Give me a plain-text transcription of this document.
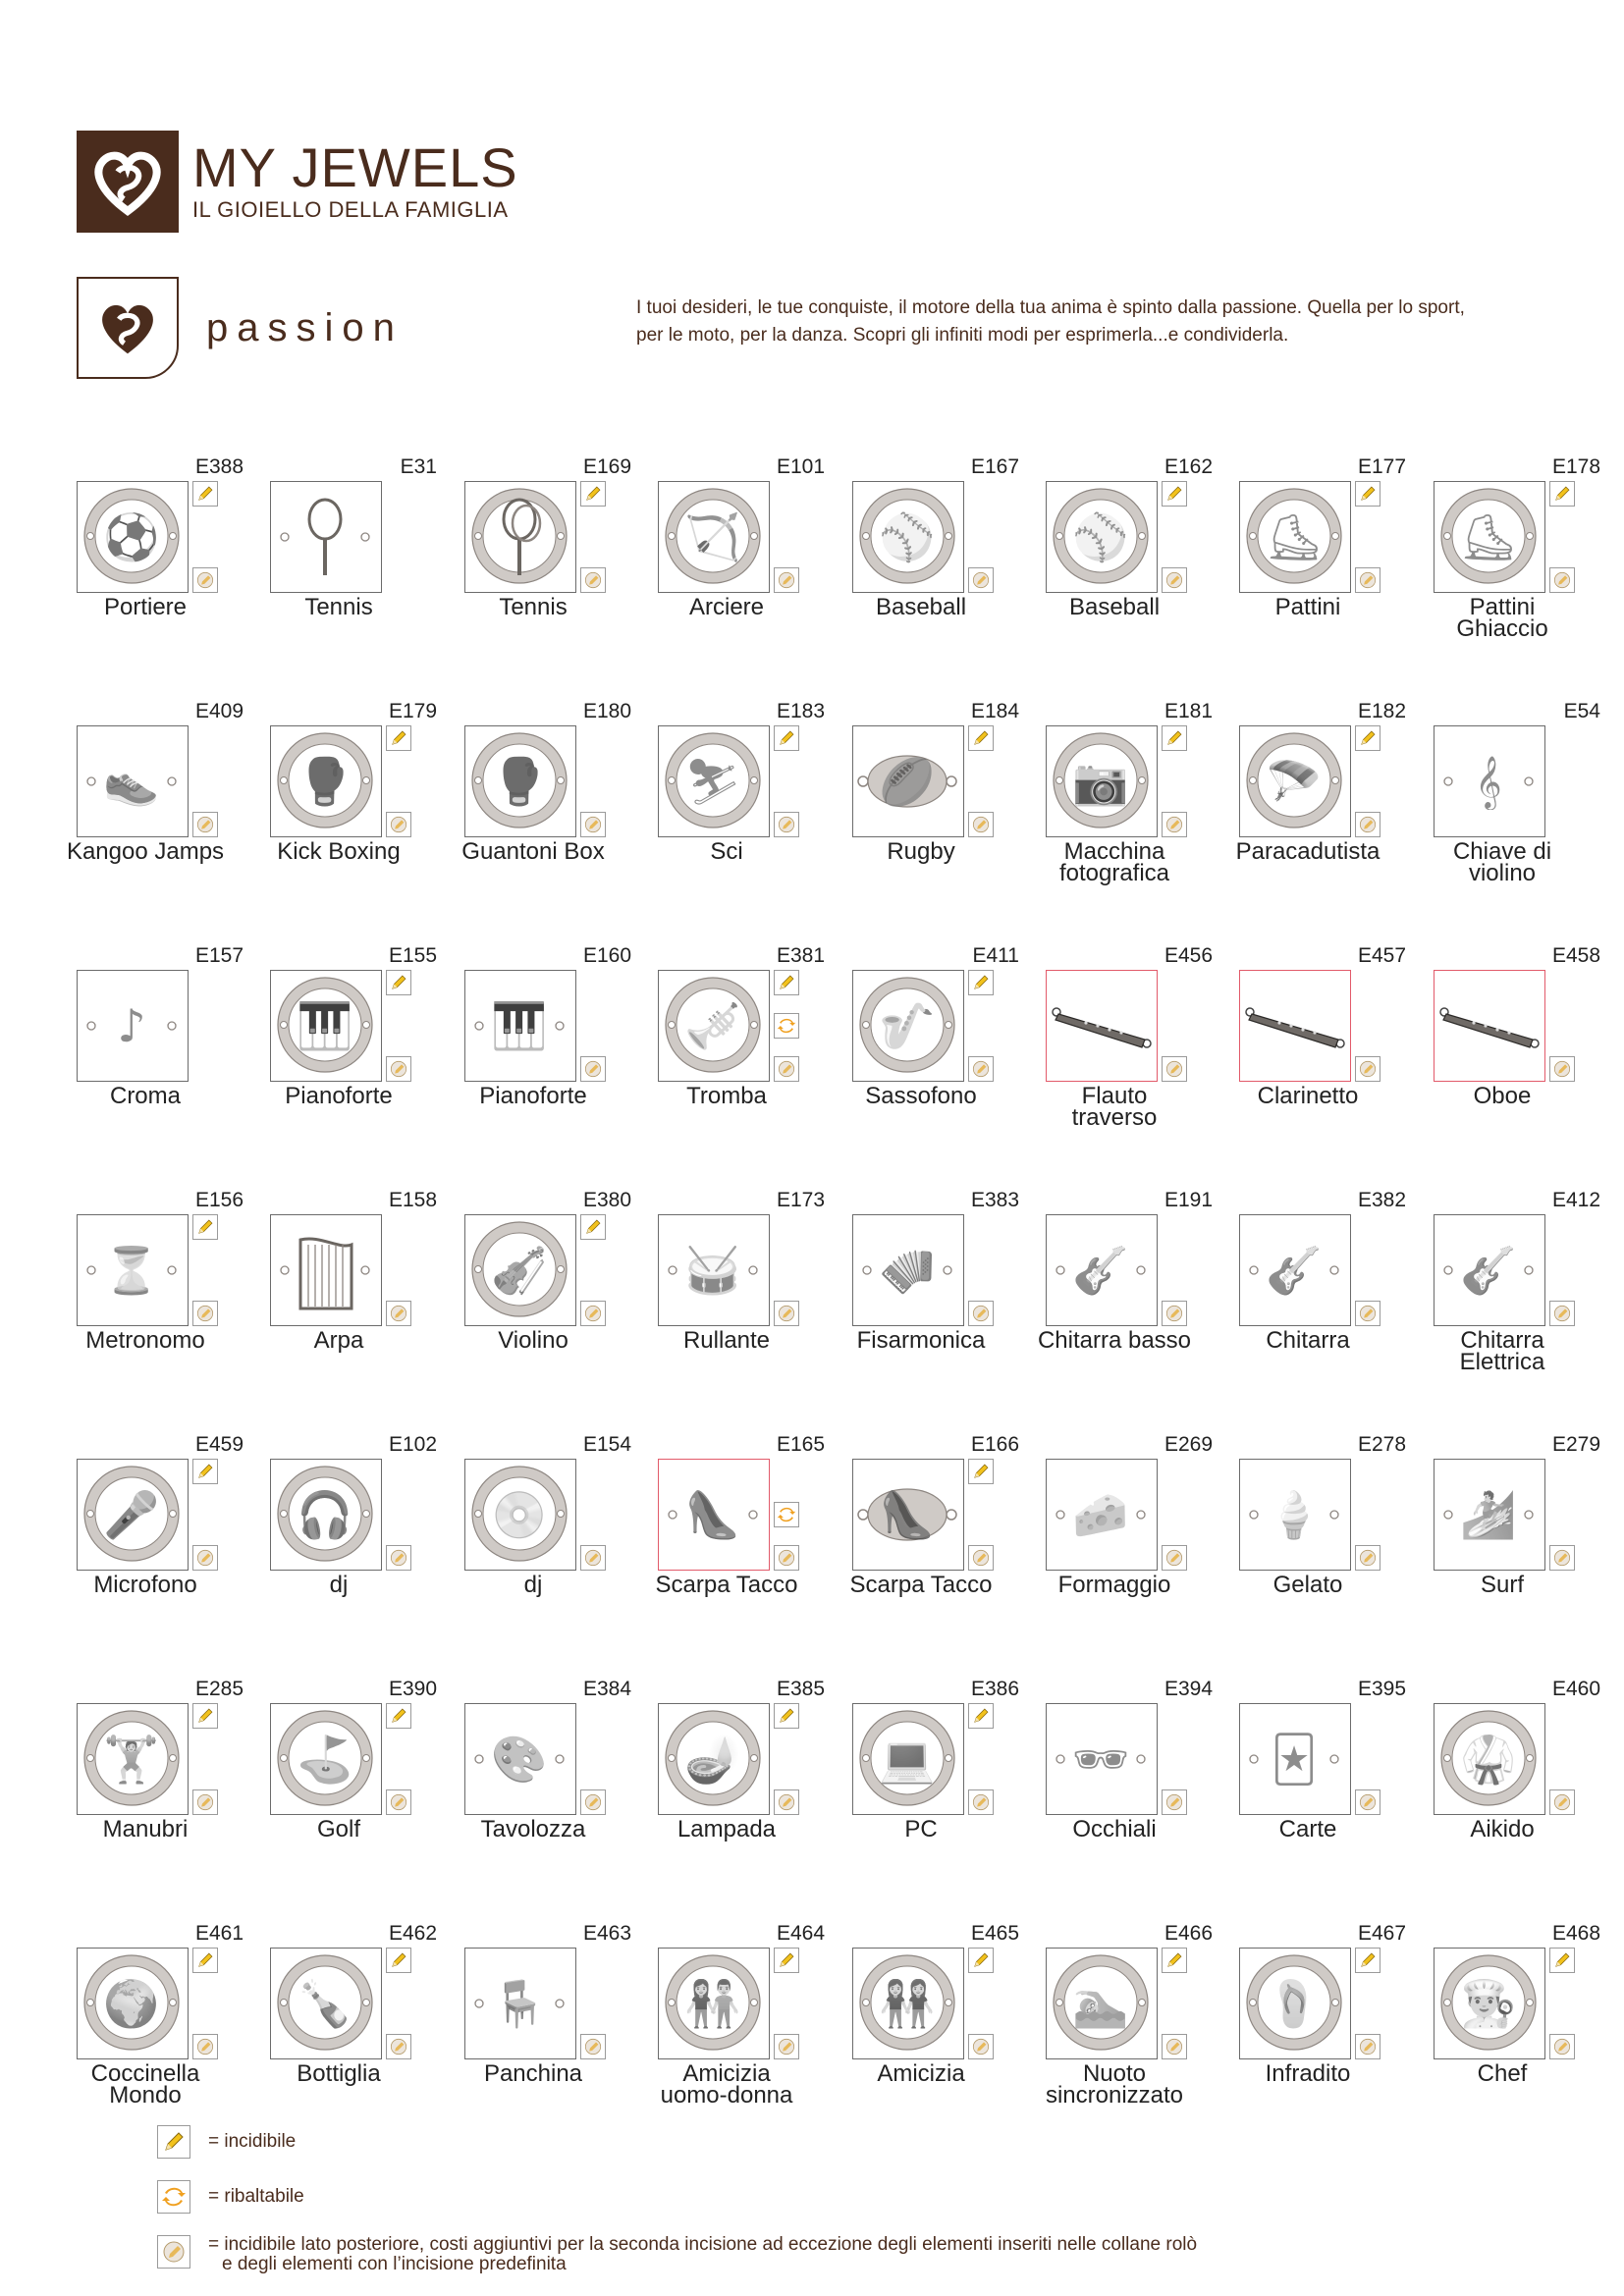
MY JEWELS
IL GIOIELLO DELLA FAMIGLIA
passion	I tuoi desideri, le tue conquiste, il motore della tua anima è spinto dalla passione. Quella per lo sport,
per le moto, per la danza. Scopri gli infiniti modi per esprimerla...e condividerla.
E388
⚽
Portiere
E31
Tennis
E169
Tennis
E101
🏹
Arciere
E167
⚾
Baseball
E162
⚾
Baseball
E177
⛸
Pattini
E178
⛸
Pattini
Ghiaccio
E409
👟
Kangoo Jamps
E179
🥊
Kick Boxing
E180
🥊
Guantoni Box
E183
⛷
Sci
E184
🏉
Rugby
E181
📷
Macchina
fotografica
E182
🪂
Paracadutista
E54
𝄞
Chiave di
violino
E157
♪
Croma
E155
🎹
Pianoforte
E160
🎹
Pianoforte
E381
🎺
Tromba
E411
🎷
Sassofono
E456
Flauto
traverso
E457
Clarinetto
E458
Oboe
E156
⏳
Metronomo
E158
Arpa
E380
🎻
Violino
E173
🥁
Rullante
E383
🪗
Fisarmonica
E191
🎸
Chitarra basso
E382
🎸
Chitarra
E412
🎸
Chitarra
Elettrica
E459
🎤
Microfono
E102
🎧
dj
E154
💿
dj
E165
👠
Scarpa Tacco
E166
👠
Scarpa Tacco
E269
🧀
Formaggio
E278
🍦
Gelato
E279
🏄
Surf
E285
🏋
Manubri
E390
⛳
Golf
E384
🎨
Tavolozza
E385
🪔
Lampada
E386
💻
PC
E394
🕶
Occhiali
E395
🃏
Carte
E460
🥋
Aikido
E461
🌍
Coccinella
Mondo
E462
🍾
Bottiglia
E463
🪑
Panchina
E464
👫
Amicizia
uomo-donna
E465
👭
Amicizia
E466
🏊
Nuoto
sincronizzato
E467
🩴
Infradito
E468
👨‍🍳
Chef
= incidibile
= ribaltabile
= incidibile lato posteriore, costi aggiuntivi per la seconda incisione ad eccezione degli elementi inseriti nelle collane rolò
e degli elementi con l’incisione predefinita
